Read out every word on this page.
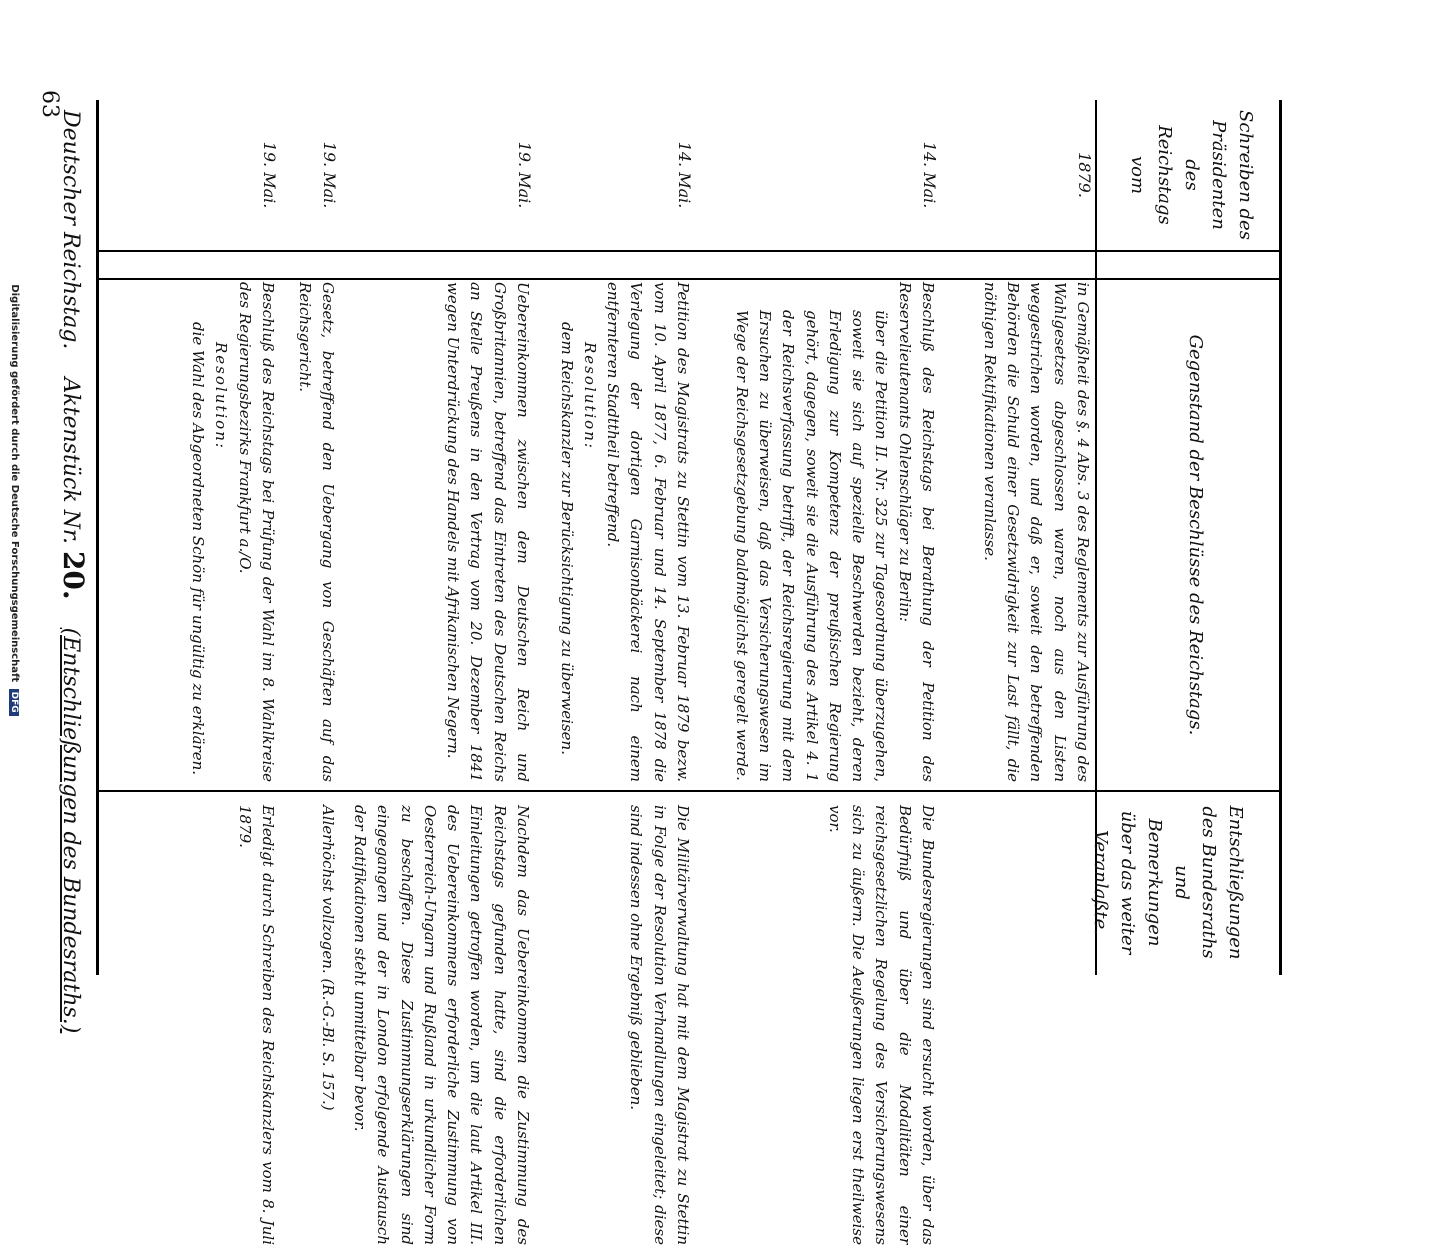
Deutscher Reichstag.    Aktenstück Nr. 20.    (Entschließungen des Bundesraths.)
63
Schreiben des Präsidenten des Reichstags vom
Gegenstand der Beschlüsse des Reichstags.
Entschließungen des Bundesraths
und
Bemerkungen über das weiter Veranlaßte.
1879.
in Gemäßheit des §. 4 Abs. 3 des Reglements zur Ausführung des Wahlgesetzes abgeschlossen waren, noch aus den Listen weggestrichen worden, und daß er, soweit den betreffenden Behörden die Schuld einer Gesetzwidrigkeit zur Last fällt, die nöthigen Rektifikationen veranlasse.
14. Mai.
Beschluß des Reichstags bei Berathung der Petition des Reservelieutenants Ohlenschläger zu Berlin:
über die Petition II. Nr. 325 zur Tagesordnung überzugehen, soweit sie sich auf spezielle Beschwerden bezieht, deren Erledigung zur Kompetenz der preußischen Regierung gehört, dagegen, soweit sie die Ausführung des Artikel 4. 1 der Reichsverfassung betrifft, der Reichsregierung mit dem Ersuchen zu überweisen, daß das Versicherungswesen im Wege der Reichsgesetzgebung baldmöglichst geregelt werde.
Die Bundesregierungen sind ersucht worden, über das Bedürfniß und über die Modalitäten einer reichsgesetzlichen Regelung des Versicherungswesens sich zu äußern. Die Aeußerungen liegen erst theilweise vor.
14. Mai.
Petition des Magistrats zu Stettin vom 13. Februar 1879 bezw. vom 10. April 1877, 6. Februar und 14. September 1878 die Verlegung der dortigen Garnisonbäckerei nach einem entfernteren Stadttheil betreffend.
Resolution:
dem Reichskanzler zur Berücksichtigung zu überweisen.
Die Militärverwaltung hat mit dem Magistrat zu Stettin in Folge der Resolution Verhandlungen eingeleitet; diese sind indessen ohne Ergebniß geblieben.
19. Mai.
Uebereinkommen zwischen dem Deutschen Reich und Großbritannien, betreffend das Eintreten des Deutschen Reichs an Stelle Preußens in den Vertrag vom 20. Dezember 1841 wegen Unterdrückung des Handels mit Afrikanischen Negern.
Nachdem das Uebereinkommen die Zustimmung des Reichstags gefunden hatte, sind die erforderlichen Einleitungen getroffen worden, um die laut Artikel III. des Uebereinkommens erforderliche Zustimmung von Oesterreich-Ungarn und Rußland in urkundlicher Form zu beschaffen. Diese Zustimmungserklärungen sind eingegangen und der in London erfolgende Austausch der Ratifikationen steht unmittelbar bevor.
19. Mai.
Gesetz, betreffend den Uebergang von Geschäften auf das Reichsgericht.
Allerhöchst vollzogen. (R.-G.-Bl. S. 157.)
19. Mai.
Beschluß des Reichstags bei Prüfung der Wahl im 8. Wahlkreise des Regierungsbezirks Frankfurt a./O.
Resolution:
die Wahl des Abgeordneten Schön für ungültig zu erklären.
Erledigt durch Schreiben des Reichskanzlers vom 8. Juli 1879.
Digitalisierung gefördert durch die Deutsche Forschungsgemeinschaft DFG
